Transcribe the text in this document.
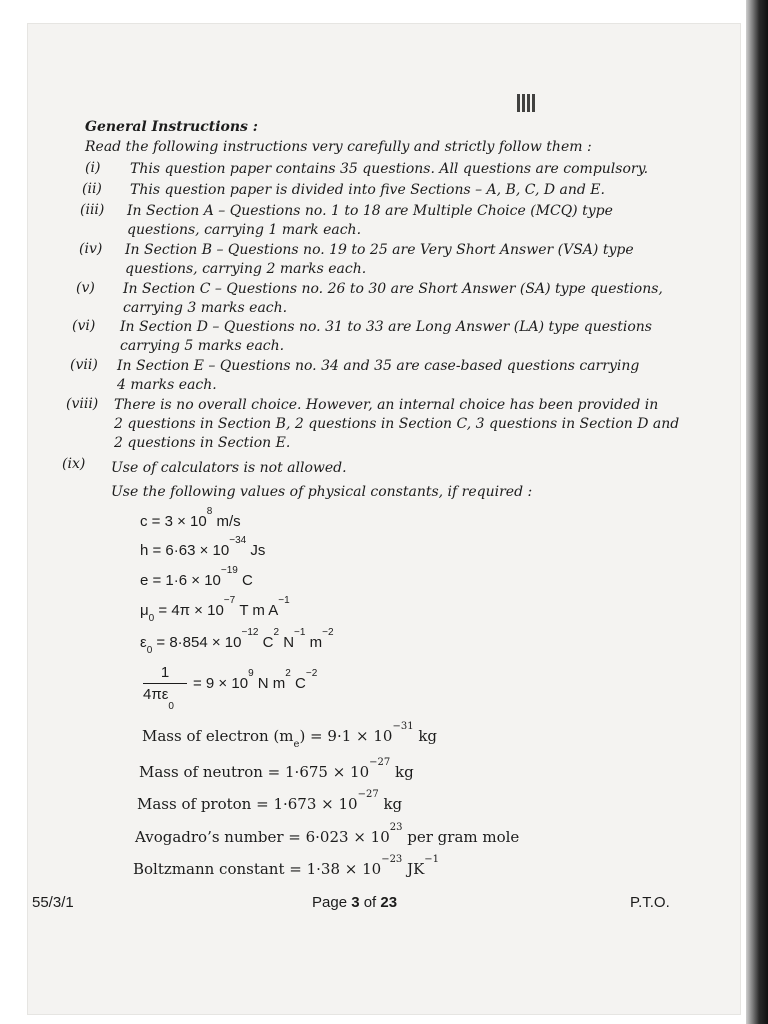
General Instructions :
Read the following instructions very carefully and strictly follow them :
(i) This question paper contains 35 questions. All questions are compulsory.
(ii) This question paper is divided into five Sections – A, B, C, D and E.
(iii) In Section A – Questions no. 1 to 18 are Multiple Choice (MCQ) type
questions, carrying 1 mark each.
(iv) In Section B – Questions no. 19 to 25 are Very Short Answer (VSA) type
questions, carrying 2 marks each.
(v) In Section C – Questions no. 26 to 30 are Short Answer (SA) type questions,
carrying 3 marks each.
(vi) In Section D – Questions no. 31 to 33 are Long Answer (LA) type questions
carrying 5 marks each.
(vii) In Section E – Questions no. 34 and 35 are case-based questions carrying
4 marks each.
(viii) There is no overall choice. However, an internal choice has been provided in
2 questions in Section B, 2 questions in Section C, 3 questions in Section D and
2 questions in Section E.
(ix) Use of calculators is not allowed.
Use the following values of physical constants, if required :
$c = 3 \times 10^8$ m/s
$h = 6\cdot 63 \times 10^{-34}$ Js
$e = 1\cdot 6 \times 10^{-19}$ C
$\mu_0 = 4\pi \times 10^{-7}$ T m $A^{-1}$
$\varepsilon_0 = 8\cdot 854 \times 10^{-12}$ $C^2$ $N^{-1}$ $m^{-2}$
1
$4\pi\varepsilon_0$
= $9 \times 10^9$ N $m^2$ $C^{-2}$
Mass of electron $(m_e) = 9\cdot 1 \times 10^{-31}$ kg
Mass of neutron = $1\cdot 675 \times 10^{-27}$ kg
Mass of proton = $1\cdot 673 \times 10^{-27}$ kg
Avogadro’s number = $6\cdot 023 \times 10^{23}$ per gram mole
Boltzmann constant = $1\cdot 38 \times 10^{-23}$ $JK^{-1}$
55/3/1	Page 3 of 23	P.T.O.
